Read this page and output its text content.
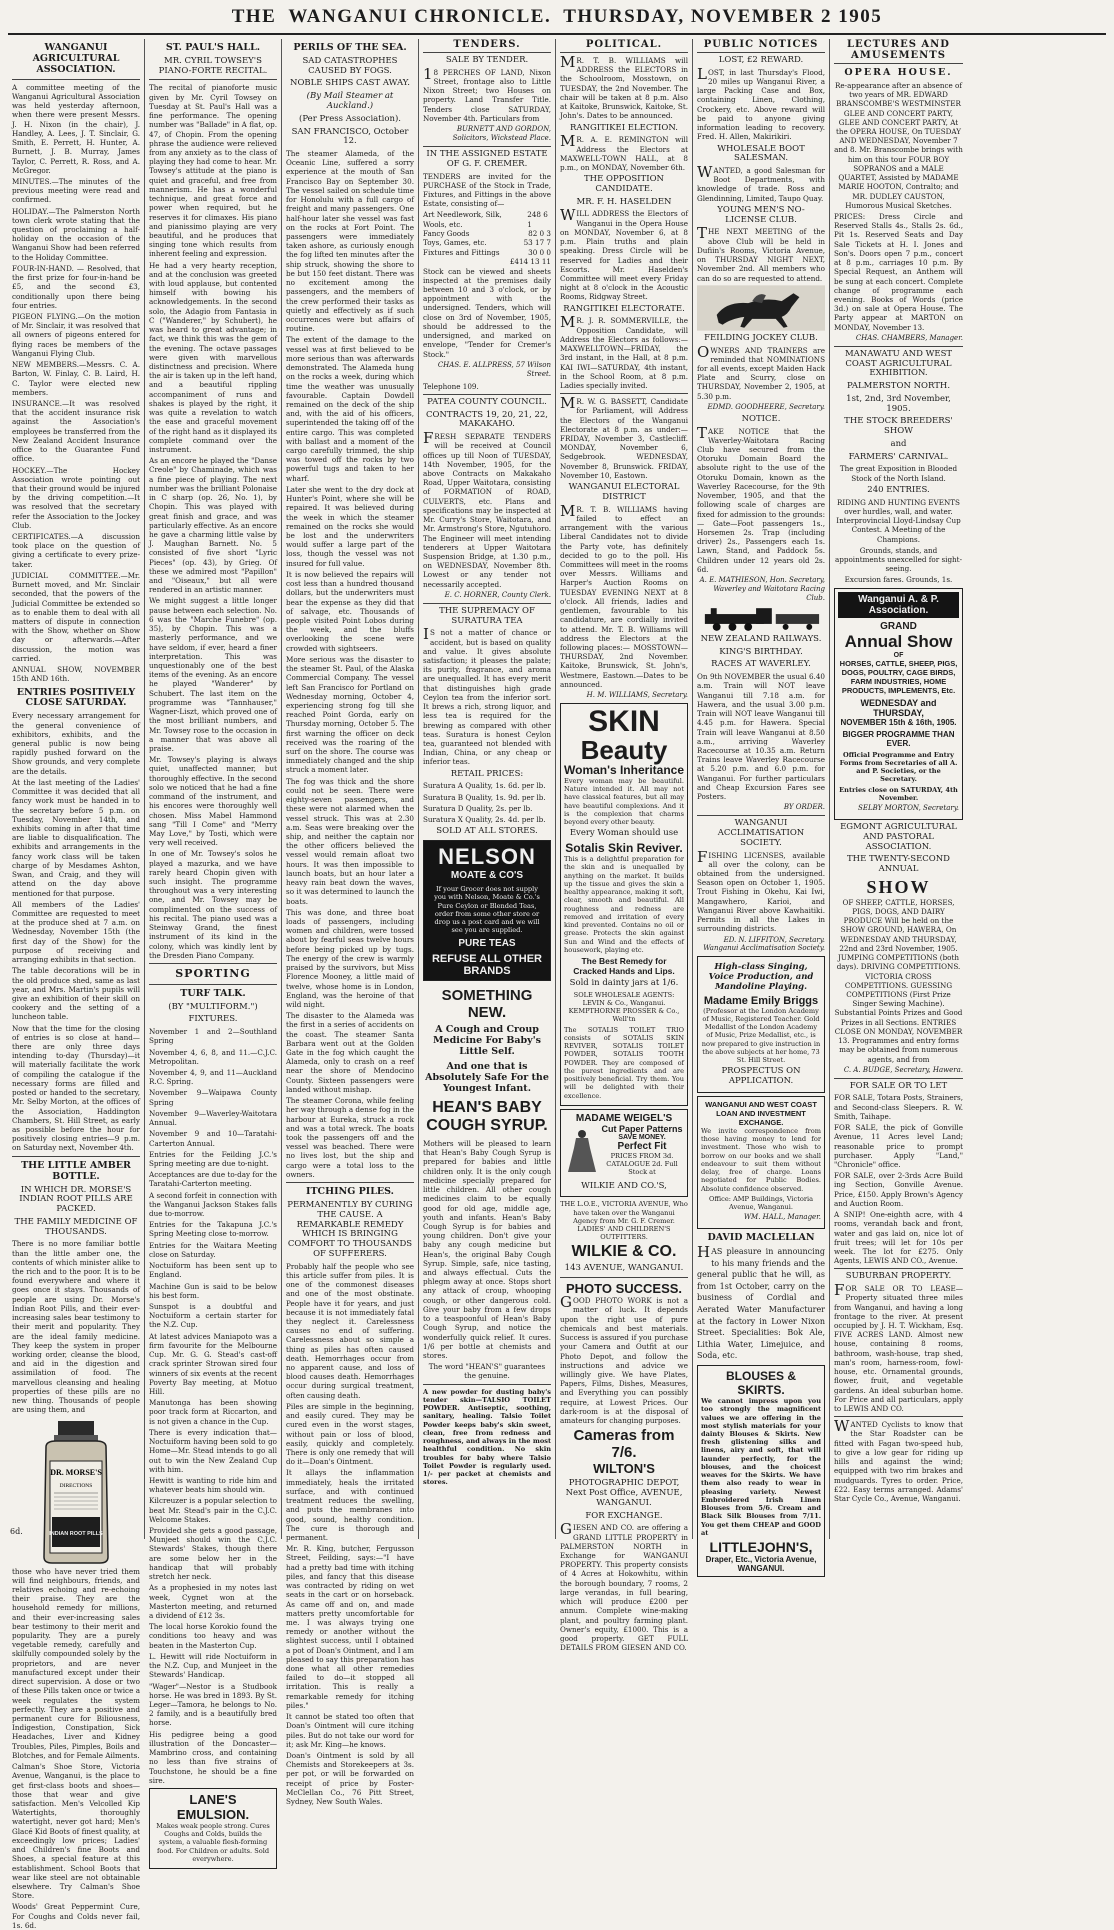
THE WANGANUI CHRONICLE. THURSDAY, NOVEMBER 2 1905
WANGANUI AGRICULTURAL ASSOCIATION.

A committee meeting of the Wanganui Agricultural Association was held yesterday afternoon, when there were present Messrs. J. H. Nixon (in the chair), J. Handley, A. Lees, J. T. Sinclair, G. Smith, E. Perrett, H. Hunter, A. Burnett, J. B. Murray, James Taylor, C. Perrett, R. Ross, and A. McGregor.

MINUTES.—The minutes of the previous meeting were read and confirmed.

HOLIDAY.—The Palmerston North town clerk wrote stating that the question of proclaiming a half-holiday on the occasion of the Wanganui Show had been referred to the Holiday Committee.

FOUR-IN-HAND. — Resolved, that the first prize for four-in-hand be £5, and the second £3, conditionally upon there being four entries.

PIGEON FLYING.—On the motion of Mr. Sinclair, it was resolved that all owners of pigeons entered for flying races be members of the Wanganui Flying Club.

NEW MEMBERS.—Messrs. C. A. Barton, W. Finlay, C. B. Laird, H. C. Taylor were elected new members.

INSURANCE.—It was resolved that the accident insurance risk against the Association's employees be transferred from the New Zealand Accident Insurance office to the Guarantee Fund office.

HOCKEY.—The Hockey Association wrote pointing out that their ground would be injured by the driving competition.—It was resolved that the secretary refer the Association to the Jockey Club.

CERTIFICATES.—A discussion took place on the question of giving a certificate to every prize-taker.

JUDICIAL COMMITTEE.—Mr. Burnett moved, and Mr. Sinclair seconded, that the powers of the Judicial Committee be extended so as to enable them to deal with all matters of dispute in connection with the Show, whether on Show day or afterwards.—After discussion, the motion was carried.

ANNUAL SHOW, NOVEMBER 15th AND 16th.

ENTRIES POSITIVELY CLOSE SATURDAY.

Every necessary arrangement for the general convenience of exhibitors, exhibits, and the general public is now being rapidly pushed forward on the Show grounds, and very complete are the details.

At the last meeting of the Ladies' Committee it was decided that all fancy work must be handed in to the secretary before 5 p.m. on Tuesday, November 14th, and exhibits coming in after that time are liable to disqualification. The exhibits and arrangements in the fancy work class will be taken charge of by Mesdames Ashton, Swan, and Craig, and they will attend on the day above mentioned for that purpose.

All members of the Ladies' Committee are requested to meet at the produce shed at 7 a.m. on Wednesday, November 15th (the first day of the Show) for the purpose of receiving and arranging exhibits in that section.

The table decorations will be in the old produce shed, same as last year, and Mrs. Martin's pupils will give an exhibition of their skill on cookery and the setting of a luncheon table.

Now that the time for the closing of entries is so close at hand—there are only three days intending to-day (Thursday)—it will materially facilitate the work of compiling the catalogue if the necessary forms are filled and posted or handed to the secretary, Mr. Selby Morton, at the offices of the Association, Haddington Chambers, St. Hill Street, as early as possible before the hour for positively closing entries—9 p.m. on Saturday next, November 4th.

THE LITTLE AMBER BOTTLE.
IN WHICH DR. MORSE'S INDIAN ROOT PILLS ARE PACKED.
THE FAMILY MEDICINE OF THOUSANDS.

There is no more familiar bottle than the little amber one, the contents of which minister alike to the rich and to the poor. It is to be found everywhere and where it goes once it stays. Thousands of people are using Dr. Morse's Indian Root Pills, and their ever-increasing sales bear testimony to their merit and popularity. They are the ideal family medicine. They keep the system in proper working order, cleanse the blood, and aid in the digestion and assimilation of food. The marvellous cleansing and healing properties of these pills are no new thing. Thousands of people are using them, and

DR. MORSE'S
DIRECTIONS
INDIAN ROOT PILLS

those who have never tried them will find neighbours, friends, and relatives echoing and re-echoing their praise. They are the household remedy for millions, and their ever-increasing sales bear testimony to their merit and popularity. They are a purely vegetable remedy, carefully and skilfully compounded solely by the proprietors, and are never manufactured except under their direct supervision. A dose or two of these Pills taken once or twice a week regulates the system perfectly. They are a positive and permanent cure for Biliousness, Indigestion, Constipation, Sick Headaches, Liver and Kidney Troubles, Piles, Pimples, Boils and Blotches, and for Female Ailments.

Calman's Shoe Store, Victoria Avenue, Wanganui, is the place to get first-class boots and shoes—those that wear and give satisfaction. Men's Velcolled Kip Watertights, thoroughly watertight, never got hard; Men's Glacé Kid Boots of finest quality, at exceedingly low prices; Ladies' and Children's fine Boots and Shoes, a special feature at this establishment. School Boots that wear like steel are not obtainable elsewhere. Try Calman's Shoe Store.

Woods' Great Peppermint Cure, For Coughs and Colds never fail, 1s. 6d.

ST. PAUL'S HALL.
MR. CYRIL TOWSEY'S PIANO-FORTE RECITAL.

The recital of pianoforte music given by Mr. Cyril Towsey on Tuesday at St. Paul's Hall was a fine performance. The opening number was "Ballade" in A flat, op. 47, of Chopin. From the opening phrase the audience were relieved from any anxiety as to the class of playing they had come to hear. Mr. Towsey's attitude at the piano is quiet and graceful, and free from mannerism. He has a wonderful technique, and great force and power when required, but he reserves it for climaxes. His piano and pianissimo playing are very beautiful, and he produces that singing tone which results from inherent feeling and expression.

He had a very hearty reception, and at the conclusion was greeted with loud applause, but contented himself with bowing his acknowledgements. In the second solo, the Adagio from Fantasia in C ("Wanderer," by Schubert), he was heard to great advantage; in fact, we think this was the gem of the evening. The octave passages were given with marvellous distinctness and precision. Where the air is taken up in the left hand, and a beautiful rippling accompaniment of runs and shakes is played by the right, it was quite a revelation to watch the ease and graceful movement of the right hand as it displayed its complete command over the instrument.

As an encore he played the "Danse Creole" by Chaminade, which was a fine piece of playing. The next number was the brilliant Polonaise in C sharp (op. 26, No. 1), by Chopin. This was played with great finish and grace, and was particularly effective. As an encore he gave a charming little valse by J. Maughan Barnett. No. 5 consisted of five short "Lyric Pieces" (op. 43), by Grieg. Of these we admired most "Papillon" and "Oiseaux," but all were rendered in an artistic manner.

We might suggest a little longer pause between each selection. No. 6 was the "Marche Funebre" (op. 35), by Chopin. This was a masterly performance, and we have seldom, if ever, heard a finer interpretation. This was unquestionably one of the best items of the evening. As an encore he played "Wanderer" by Schubert. The last item on the programme was "Tannhauser," Wagner-Liszt, which proved one of the most brilliant numbers, and Mr. Towsey rose to the occasion in a manner that was above all praise.

Mr. Towsey's playing is always quiet, unaffected manner, but thoroughly effective. In the second solo we noticed that he had a fine command of the instrument, and his encores were thoroughly well chosen. Miss Mabel Hammond sang "Till I Come" and "Merry May Love," by Tosti, which were very well received.

In one of Mr. Towsey's solos he played a mazurka, and we have rarely heard Chopin given with such insight. The programme throughout was a very interesting one, and Mr. Towsey may be complimented on the success of his recital. The piano used was a Steinway Grand, the finest instrument of its kind in the colony, which was kindly lent by the Dresden Piano Company.

SPORTING
TURF TALK.
(BY "MULTIFORM.")
FIXTURES.

November 1 and 2—Southland Spring

November 4, 6, 8, and 11.—C.J.C. Metropolitan.

November 4, 9, and 11—Auckland R.C. Spring.

November 9—Waipawa County Spring

November 9—Waverley-Waitotara Annual.

November 9 and 10—Taratahi-Carterton Annual.

Entries for the Feilding J.C.'s Spring meeting are due to-night.

Acceptances are due to-day for the Taratahi-Carterton meeting.

A second forfeit in connection with the Wanganui Jackson Stakes falls due to-morrow.

Entries for the Takapuna J.C.'s Spring Meeting close to-morrow.

Entries for the Waitara Meeting close on Saturday.

Noctuiform has been sent up to England.

Machine Gun is said to be below his best form.

Sunspot is a doubtful and Noctuiform a certain starter for the N.Z. Cup.

At latest advices Maniapoto was a firm favourite for the Melbourne Cup. Mr. G. G. Stead's cast-off crack sprinter Strowan sired four winners of six events at the recent Poverty Bay meeting, at Motuo Hill.

Manutonga has been showing poor track form at Riccarton, and is not given a chance in the Cup.

There is every indication that—Noctuiform having been sold to go Home—Mr. Stead intends to go all out to win the New Zealand Cup with him.

Hewitt is wanting to ride him and whatever beats him should win.

Kilcreuzer is a popular selection to beat Mr. Stead's pair in the C.J.C. Welcome Stakes.

Provided she gets a good passage, Munjeet should win the C.J.C. Stewards' Stakes, though there are some below her in the handicap that will probably stretch her neck.

As a prophesied in my notes last week, Cygnet won at the Masterton meeting, and returned a dividend of £12 3s.

The local horse Korokio found the conditions too heavy and was beaten in the Masterton Cup.

L. Hewitt will ride Noctuiform in the N.Z. Cup, and Munjeet in the Stewards' Handicap.

"Wager"—Nestor is a Studbook horse. He was bred in 1893. By St. Leger—Tamora, he belongs to No. 2 family, and is a beautifully bred horse.

His pedigree being a good illustration of the Doncaster—Mambrino cross, and containing no less than five strains of Touchstone, he should be a fine sire.

LANE'S EMULSION.

Makes weak people strong. Cures Coughs and Colds, builds the system, a valuable flesh-forming food. For Children or adults. Sold everywhere.

PERILS OF THE SEA.
SAD CATASTROPHES CAUSED BY FOGS.
NOBLE SHIPS CAST AWAY.
(By Mail Steamer at Auckland.)
(Per Press Association).
SAN FRANCISCO, October 12.

The steamer Alameda, of the Oceanic Line, suffered a sorry experience at the mouth of San Francisco Bay on September 30. The vessel sailed on schedule time for Honolulu with a full cargo of freight and many passengers. One half-hour later she vessel was fast on the rocks at Fort Point. The passengers were immediately taken ashore, as curiously enough the fog lifted ten minutes after the ship struck, showing the shore to be but 150 feet distant. There was no excitement among the passengers, and the members of the crew performed their tasks as quietly and effectively as if such occurrences were but affairs of routine.

The extent of the damage to the vessel was at first believed to be more serious than was afterwards demonstrated. The Alameda hung on the rocks a week, during which time the weather was unusually favourable. Captain Dowdell remained on the deck of the ship and, with the aid of his officers, superintended the taking off of the entire cargo. This was completed with ballast and a moment of the cargo carefully trimmed, the ship was towed off the rocks by two powerful tugs and taken to her wharf.

Later she went to the dry dock at Hunter's Point, where she will be repaired. It was believed during the week in which the steamer remained on the rocks she would be lost and the underwriters would suffer a large part of the loss, though the vessel was not insured for full value.

It is now believed the repairs will cost less than a hundred thousand dollars, but the underwriters must bear the expense as they did that of salvage, etc. Thousands of people visited Point Lobos during the week, and the bluffs overlooking the scene were crowded with sightseers.

More serious was the disaster to the steamer St. Paul, of the Alaska Commercial Company. The vessel left San Francisco for Portland on Wednesday morning, October 4, experiencing strong fog till she reached Point Gorda, early on Thursday morning, October 5. The first warning the officer on deck received was the roaring of the surf on the shore. The course was immediately changed and the ship struck a moment later.

The fog was thick and the shore could not be seen. There were eighty-seven passengers, and these were not alarmed when the vessel struck. This was at 2.30 a.m. Seas were breaking over the ship, and neither the captain nor the other officers believed the vessel would remain afloat two hours. It was then impossible to launch boats, but an hour later a heavy rain beat down the waves, so it was determined to launch the boats.

This was done, and three boat loads of passengers, including women and children, were tossed about by fearful seas twelve hours before being picked up by tugs. The energy of the crew is warmly praised by the survivors, but Miss Florence Mooney, a little maid of twelve, whose home is in London, England, was the heroine of that wild night.

The disaster to the Alameda was the first in a series of accidents on the coast. The steamer Santa Barbara went out at the Golden Gate in the fog which caught the Alameda, only to crash on a reef near the shore of Mendocino County. Sixteen passengers were landed without mishap.

The steamer Corona, while feeling her way through a dense fog in the harbour at Eureka, struck a rock and was a total wreck. The boats took the passengers off and the vessel was beached. There were no lives lost, but the ship and cargo were a total loss to the owners.

ITCHING PILES.
PERMANENTLY BY CURING THE CAUSE. A REMARKABLE REMEDY WHICH IS BRINGING COMFORT TO THOUSANDS OF SUFFERERS.

Probably half the people who see this article suffer from piles. It is one of the commonest diseases and one of the most obstinate. People have it for years, and just because it is not immediately fatal they neglect it. Carelessness causes no end of suffering. Carelessness about so simple a thing as piles has often caused death. Hemorrhages occur from no apparent cause, and loss of blood causes death. Hemorrhages occur during surgical treatment, often causing death.

Piles are simple in the beginning, and easily cured. They may be cured even in the worst stages, without pain or loss of blood, easily, quickly and completely. There is only one remedy that will do it—Doan's Ointment.

It allays the inflammation immediately, heals the irritated surface, and with continued treatment reduces the swelling, and puts the membranes into good, sound, healthy condition. The cure is thorough and permanent.

Mr. R. King, butcher, Fergusson Street, Feilding, says:—"I have had a pretty bad time with itching piles, and fancy that this disease was contracted by riding on wet seats in the cart or on horseback. As came off and on, and made matters pretty uncomfortable for me. I was always trying one remedy or another without the slightest success, until I obtained a pot of Doan's Ointment, and I am pleased to say this preparation has done what all other remedies failed to do—it stopped all irritation. This is really a remarkable remedy for itching piles."

It cannot be stated too often that Doan's Ointment will cure itching piles. But do not take our word for it; ask Mr. King—he knows.

Doan's Ointment is sold by all Chemists and Storekeepers at 3s. per pot, or will be forwarded on receipt of price by Foster-McClellan Co., 76 Pitt Street, Sydney, New South Wales.

TENDERS.
SALE BY TENDER.

18 PERCHES OF LAND, Nixon Street, frontage also to Little Nixon Street; two Houses on property. Land Transfer Title. Tenders close SATURDAY, November 4th. Particulars from

BURNETT AND GORDON, Solicitors, Wickstead Place.

IN THE ASSIGNED ESTATE OF G. F. CREMER.

TENDERS are invited for the PURCHASE of the Stock in Trade, Fixtures, and Fittings in the above Estate, consisting of—

Art Needlework, Silk, Wools, etc.
248 6 1
Fancy Goods	82 0 3
Toys, Games, etc.	53 17 7
Fixtures and Fittings	30 0 0
£414 13 11

Stock can be viewed and sheets inspected at the premises daily between 10 and 3 o'clock, or by appointment with the undersigned. Tenders, which will close on 3rd of November, 1905, should be addressed to the undersigned, and marked on envelope, "Tender for Cremer's Stock."

CHAS. E. ALLPRESS, 57 Wilson Street.

Telephone 109.

PATEA COUNTY COUNCIL.
CONTRACTS 19, 20, 21, 22, MAKAKAHO.

FRESH SEPARATE TENDERS will be received at Council offices up till Noon of TUESDAY, 14th November, 1905, for the above Contracts on Makakaho Road, Upper Waitotara, consisting of FORMATION of ROAD, CULVERTS, etc. Plans and specifications may be inspected at Mr. Curry's Store, Waitotara, and Mr. Armstrong's Store, Ngutuhoro. The Engineer will meet intending tenderers at Upper Waitotara Suspension Bridge, at 1.30 p.m., on WEDNESDAY, November 8th. Lowest or any tender not necessarily accepted.

E. C. HORNER, County Clerk.

THE SUPREMACY OF SURATURA TEA

IS not a matter of chance or accident, but is based on quality and value. It gives absolute satisfaction; it pleases the palate; its purity, fragrance, and aroma are unequalled. It has every merit that distinguishes high grade Ceylon tea from the inferior sort. It brews a rich, strong liquor, and less tea is required for the brewing as compared with other teas. Suratura is honest Ceylon tea, guaranteed not blended with Indian, China, or any cheap or inferior teas.

RETAIL PRICES:

Suratura A Quality, 1s. 6d. per lb.

Suratura B Quality, 1s. 9d. per lb.

Suratura D Quality, 2s. per lb.

Suratura X Quality, 2s. 4d. per lb.

SOLD AT ALL STORES.
NELSON
MOATE & CO'S

If your Grocer does not supply you with Nelson, Moate & Co.'s Pure Ceylon or Blended Teas, order from some other store or drop us a post card and we will see you are supplied.

PURE TEAS
REFUSE ALL OTHER BRANDS
SOMETHING NEW.
A Cough and Croup Medicine For Baby's Little Self.
And one that is Absolutely Safe For the Youngest Infant.
HEAN'S BABY COUGH SYRUP.

Mothers will be pleased to learn that Hean's Baby Cough Syrup is prepared for babies and little children only. It is the only cough medicine specially prepared for little children. All other cough medicines claim to be equally good for old age, middle age, youth and infants. Hean's Baby Cough Syrup is for babies and young children. Don't give your baby any cough medicine but Hean's, the original Baby Cough Syrup. Simple, safe, nice tasting, and always effectual. Cuts the phlegm away at once. Stops short any attack of croup, whooping cough, or other dangerous cold. Give your baby from a few drops to a teaspoonful of Hean's Baby Cough Syrup, and notice the wonderfully quick relief. It cures. 1/6 per bottle at chemists and stores.

The word "HEAN'S" guarantees the genuine.

A new powder for dusting baby's tender skin—TALSIO TOILET POWDER. Antiseptic, soothing, sanitary, healing. Talsio Toilet Powder keeps baby's skin sweet, clean, free from redness and roughness, and always in the most healthful condition. No skin troubles for baby where Talsio Toilet Powder is regularly used. 1/- per packet at chemists and stores.

POLITICAL.

MR. T. B. WILLIAMS will ADDRESS the ELECTORS in the Schoolroom, Mosstown, on TUESDAY, the 2nd November. The chair will be taken at 8 p.m. Also at Kaitoke, Brunswick, Kaitoke, St. John's. Dates to be announced.

RANGITIKEI ELECTION.

MR. A. E. REMINGTON will Address the Electors at MAXWELL-TOWN HALL, at 8 p.m., on MONDAY, November 6th.

THE OPPOSITION CANDIDATE.
MR. F. H. HASELDEN

WILL ADDRESS the Electors of Wanganui in the Opera House on MONDAY, November 6, at 8 p.m. Plain truths and plain speaking. Dress Circle will be reserved for Ladies and their Escorts. Mr. Haselden's Committee will meet every Friday night at 8 o'clock in the Acoustic Rooms, Ridgway Street.

RANGITIKEI ELECTORATE.

MR. J. R. SOMMERVILLE, the Opposition Candidate, will Address the Electors as follows:— MAXWELLTOWN—FRIDAY, the 3rd instant, in the Hall, at 8 p.m. KAI IWI—SATURDAY, 4th instant, in the School Room, at 8 p.m. Ladies specially invited.

MR. W. G. BASSETT, Candidate for Parliament, will Address the Electors of the Wanganui Electorate at 8 p.m. as under:— FRIDAY, November 3, Castlecliff. MONDAY, November 6, Sedgebrook. WEDNESDAY, November 8, Brunswick. FRIDAY, November 10, Eastown.

WANGANUI ELECTORAL DISTRICT

MR. T. B. WILLIAMS having failed to effect an arrangement with the various Liberal Candidates not to divide the Party vote, has definitely decided to go to the poll. His Committees will meet in the rooms over Messrs. Williams and Harper's Auction Rooms on TUESDAY EVENING NEXT at 8 o'clock. All friends, ladies and gentlemen, favourable to his candidature, are cordially invited to attend. Mr. T. B. Williams will address the Electors at the following places:— MOSSTOWN—THURSDAY, 2nd November. Kaitoke, Brunswick, St. John's, Westmere, Eastown.—Dates to be announced.

H. M. WILLIAMS, Secretary.

SKIN
Beauty
Woman's Inheritance

Every woman may be beautiful. Nature intended it. All may not have classical features, but all may have beautiful complexions. And it is the complexion that charms beyond every other beauty.

Every Woman should use
Sotalis Skin Reviver.

This is a delightful preparation for the skin and is unequalled by anything on the market. It builds up the tissue and gives the skin a healthy appearance, making it soft, clear, smooth and beautiful. All roughness and redness are removed and irritation of every kind prevented. Contains no oil or grease. Protects the skin against Sun and Wind and the effects of housework, playing etc.

The Best Remedy for Cracked Hands and Lips.
Sold in dainty jars at 1/6.

SOLE WHOLESALE AGENTS: LEVIN & Co., Wanganui. KEMPTHORNE PROSSER & Co., Well'tn

The SOTALIS TOILET TRIO consists of SOTALIS SKIN REVIVER, SOTALIS TOILET POWDER, SOTALIS TOOTH POWDER. They are composed of the purest ingredients and are positively beneficial. Try them. You will be delighted with their excellence.

MADAME WEIGEL'S
Cut Paper Patterns
SAVE MONEY.
Perfect Fit

PRICES FROM 3d. CATALOGUE 2d. Full Stock at

WILKIE AND CO.'S,

THE L.O.E., VICTORIA AVENUE, Who have taken over the Wanganui Agency from Mr. G. F. Cremer. LADIES' AND CHILDREN'S OUTFITTERS.

WILKIE & CO.
143 AVENUE, WANGANUI.
PHOTO SUCCESS.

GOOD PHOTO WORK is not a matter of luck. It depends upon the right use of pure chemicals and best materials. Success is assured if you purchase your Camera and Outfit at our Photo Depot, and follow the instructions and advice we willingly give. We have Plates, Papers, Films, Dishes, Measures, and Everything you can possibly require, at Lowest Prices. Our dark-room is at the disposal of amateurs for changing purposes.

Cameras from 7/6.
WILTON'S
PHOTOGRAPHIC DEPOT, Next Post Office, AVENUE, WANGANUI.
FOR EXCHANGE.

GIESEN AND CO. are offering a GRAND LITTLE PROPERTY in PALMERSTON NORTH in Exchange for WANGANUI PROPERTY. This property consists of 4 Acres at Hokowhitu, within the borough boundary, 7 rooms, 2 large verandas, in full bearing, which will produce £200 per annum. Complete wine-making plant, and poultry farming plant. Owner's equity, £1000. This is a good property. GET FULL DETAILS FROM GIESEN AND CO.

PUBLIC NOTICES
LOST, £2 REWARD.

LOST, in last Thursday's Flood, 20 miles up Wanganui River, a large Packing Case and Box, containing Linen, Clothing, Crockery, etc. Above reward will be paid to anyone giving information leading to recovery. Fred. H. Allen, Makirikiri.

WHOLESALE BOOT SALESMAN.

WANTED, a good Salesman for Boot Departments, with knowledge of trade. Ross and Glendinning, Limited, Taupo Quay.

YOUNG MEN'S NO-LICENSE CLUB.

THE NEXT MEETING of the above Club will be held in Dufiin's Rooms, Victoria Avenue, on THURSDAY NIGHT NEXT, November 2nd. All members who can do so are requested to attend.

FEILDING JOCKEY CLUB.

OWNERS AND TRAINERS are reminded that NOMINATIONS for all events, except Maiden Hack Plate and Scurry, close on THURSDAY, November 2, 1905, at 5.30 p.m.

EDMD. GOODHEERE, Secretary.

NOTICE.

TAKE NOTICE that the Waverley-Waitotara Racing Club have secured from the Otoruku Domain Board the absolute right to the use of the Otoruku Domain, known as the Waverley Racecourse, for the 9th November, 1905, and that the following scale of charges are fixed for admission to the grounds:— Gate—Foot passengers 1s., Horsemen 2s. Trap (including driver) 2s., Passengers each 1s. Lawn, Stand, and Paddock 5s. Children under 12 years old 2s. 6d.

A. E. MATHIESON, Hon. Secretary, Waverley and Waitotara Racing Club.

NEW ZEALAND RAILWAYS.
KING'S BIRTHDAY.
RACES AT WAVERLEY.

On 9th NOVEMBER the usual 6.40 a.m. Train will NOT leave Wanganui till 7.18 a.m. for Hawera, and the usual 3.00 p.m. Train will NOT leave Wanganui till 4.45 p.m. for Hawera. Special Train will leave Wanganui at 8.50 a.m., arriving Waverley Racecourse at 10.35 a.m. Return Trains leave Waverley Racecourse at 5.20 p.m. and 6.0 p.m. for Wanganui. For further particulars and Cheap Excursion Fares see Posters.

BY ORDER.

WANGANUI ACCLIMATISATION SOCIETY.

FISHING LICENSES, available all over the colony, can be obtained from the undersigned. Season open on October 1, 1905. Trout Fishing in Okehu, Kai Iwi, Mangawhero, Karioi, and Wanganui River above Kawhaitiki. Permits in all the Lakes in surrounding districts.

ED. N. LIFFITON, Secretary. Wanganui Acclimatisation Society.

High-class Singing, Voice Production, and Mandoline Playing.
Madame Emily Briggs

(Professor at the London Academy of Music, Registered Teacher. Gold Medallist of the London Academy of Music, Prize Medallist, etc., is now prepared to give instruction in the above subjects at her home, 73 St. Hill Street.

PROSPECTUS ON APPLICATION.
WANGANUI AND WEST COAST LOAN AND INVESTMENT EXCHANGE.

We invite correspondence from those having money to lend for investment. Those who wish to borrow on our books and we shall endeavour to suit them without delay, free of charge. Loans negotiated for Public Bodies. Absolute confidence observed.

Office: AMP Buildings, Victoria Avenue, Wanganui.

WM. HALL, Manager.

DAVID MACLELLAN

HAS pleasure in announcing to his many friends and the general public that he will, as from 1st October, carry on the business of Cordial and Aerated Water Manufacturer at the factory in Lower Nixon Street. Specialities: Bok Ale, Lithia Water, Limejuice, and Soda, etc.

BLOUSES & SKIRTS.

We cannot impress upon you too strongly the magnificent values we are offering in the most stylish materials for your dainty Blouses & Skirts. New fresh glistening silks and linens, airy and soft, that will launder perfectly, for the blouses, and the choicest weaves for the Skirts. We have them also ready to wear in pleasing variety. Newest Embroidered Irish Linen Blouses from 5/6. Cream and Black Silk Blouses from 7/11. You get them CHEAP and GOOD at

LITTLEJOHN'S,
Draper, Etc., Victoria Avenue, WANGANUI.
LECTURES AND AMUSEMENTS
OPERA HOUSE.

Re-appearance after an absence of two years of MR. EDWARD BRANSCOMBE'S WESTMINSTER GLEE AND CONCERT PARTY, GLEE AND CONCERT PARTY, At the OPERA HOUSE, On TUESDAY AND WEDNESDAY, November 7 and 8. Mr. Branscombe brings with him on this tour FOUR BOY SOPRANOS and a MALE QUARTET, Assisted by MADAME MARIE HOOTON, Contralto; and MR. DUDLEY CAUSTON, Humorous Musical Sketches.

PRICES: Dress Circle and Reserved Stalls 4s., Stalls 2s. 6d., Pit 1s. Reserved Seats and Day Sale Tickets at H. I. Jones and Son's. Doors open 7 p.m., concert at 8 p.m., carriages 10 p.m. By Special Request, an Anthem will be sung at each concert. Complete change of programme each evening. Books of Words (price 3d.) on sale at Opera House. The Party appear at MARTON on MONDAY, November 13.

CHAS. CHAMBERS, Manager.

MANAWATU AND WEST COAST AGRICULTURAL EXHIBITION.
PALMERSTON NORTH.
1st, 2nd, 3rd November, 1905.
THE STOCK BREEDERS' SHOW
and
FARMERS' CARNIVAL.

The great Exposition in Blooded Stock of the North Island.

240 ENTRIES.

RIDING AND HUNTING EVENTS over hurdles, wall, and water. Interprovincial Lloyd-Lindsay Cup Contest. A Meeting of the Champions.

Grounds, stands, and appointments unexcelled for sight-seeing.

Excursion fares. Grounds, 1s.

Wanganui A. & P. Association.
GRAND
Annual Show
OF
HORSES, CATTLE, SHEEP, PIGS, DOGS, POULTRY, CAGE BIRDS, FARM INDUSTRIES, HOME PRODUCTS, IMPLEMENTS, Etc.
WEDNESDAY and THURSDAY,
NOVEMBER 15th & 16th, 1905.
BIGGER PROGRAMME THAN EVER.

Official Programme and Entry Forms from Secretaries of all A. and P. Societies, or the Secretary.

Entries close on SATURDAY, 4th November.

SELBY MORTON, Secretary.

EGMONT AGRICULTURAL AND PASTORAL ASSOCIATION.
THE TWENTY-SECOND ANNUAL
SHOW

OF SHEEP, CATTLE, HORSES, PIGS, DOGS, AND DAIRY PRODUCE Will be held on the SHOW GROUND, HAWERA, On WEDNESDAY AND THURSDAY, 22nd and 23rd November, 1905. JUMPING COMPETITIONS (both days). DRIVING COMPETITIONS. VICTORIA CROSS COMPETITIONS. GUESSING COMPETITIONS (First Prize Singer Sewing Machine). Substantial Points Prizes and Good Prizes in all Sections. ENTRIES CLOSE ON MONDAY, NOVEMBER 13. Programmes and entry forms may be obtained from numerous agents, and from

C. A. BUDGE, Secretary, Hawera.

FOR SALE OR TO LET

FOR SALE, Totara Posts, Strainers, and Second-class Sleepers. R. W. Smith, Taihape.

FOR SALE, the pick of Gonville Avenue, 11 Acres level Land; reasonable price to prompt purchaser. Apply "Land," "Chronicle" office.

FOR SALE, over 2-3rds Acre Build ing Section, Gonville Avenue. Price, £150. Apply Brown's Agency and Auction Room.

A SNIP! One-eighth acre, with 4 rooms, verandah back and front, water and gas laid on, nice lot of fruit trees; will let for 10s per week. The lot for £275. Only Agents, LEWIS AND CO., Avenue.

SUBURBAN PROPERTY.

FOR SALE OR TO LEASE— Property situated three miles from Wanganui, and having a long frontage to the river. At present occupied by J. H. T. Wickham, Esq. FIVE ACRES LAND. Almost new house, containing 8 rooms, bathroom, wash-house, trap shed, man's room, harness-room, fowl-house, etc. Ornamental grounds, flower, fruit, and vegetable gardens. An ideal suburban home. For Price and all particulars, apply to LEWIS AND CO.

WANTED Cyclists to know that the Star Roadster can be fitted with Fagan two-speed hub, to give a low gear for riding up hills and against the wind; equipped with two rim brakes and mudguards. Tyres to order. Price, £22. Easy terms arranged. Adams' Star Cycle Co., Avenue, Wanganui.

6d.
